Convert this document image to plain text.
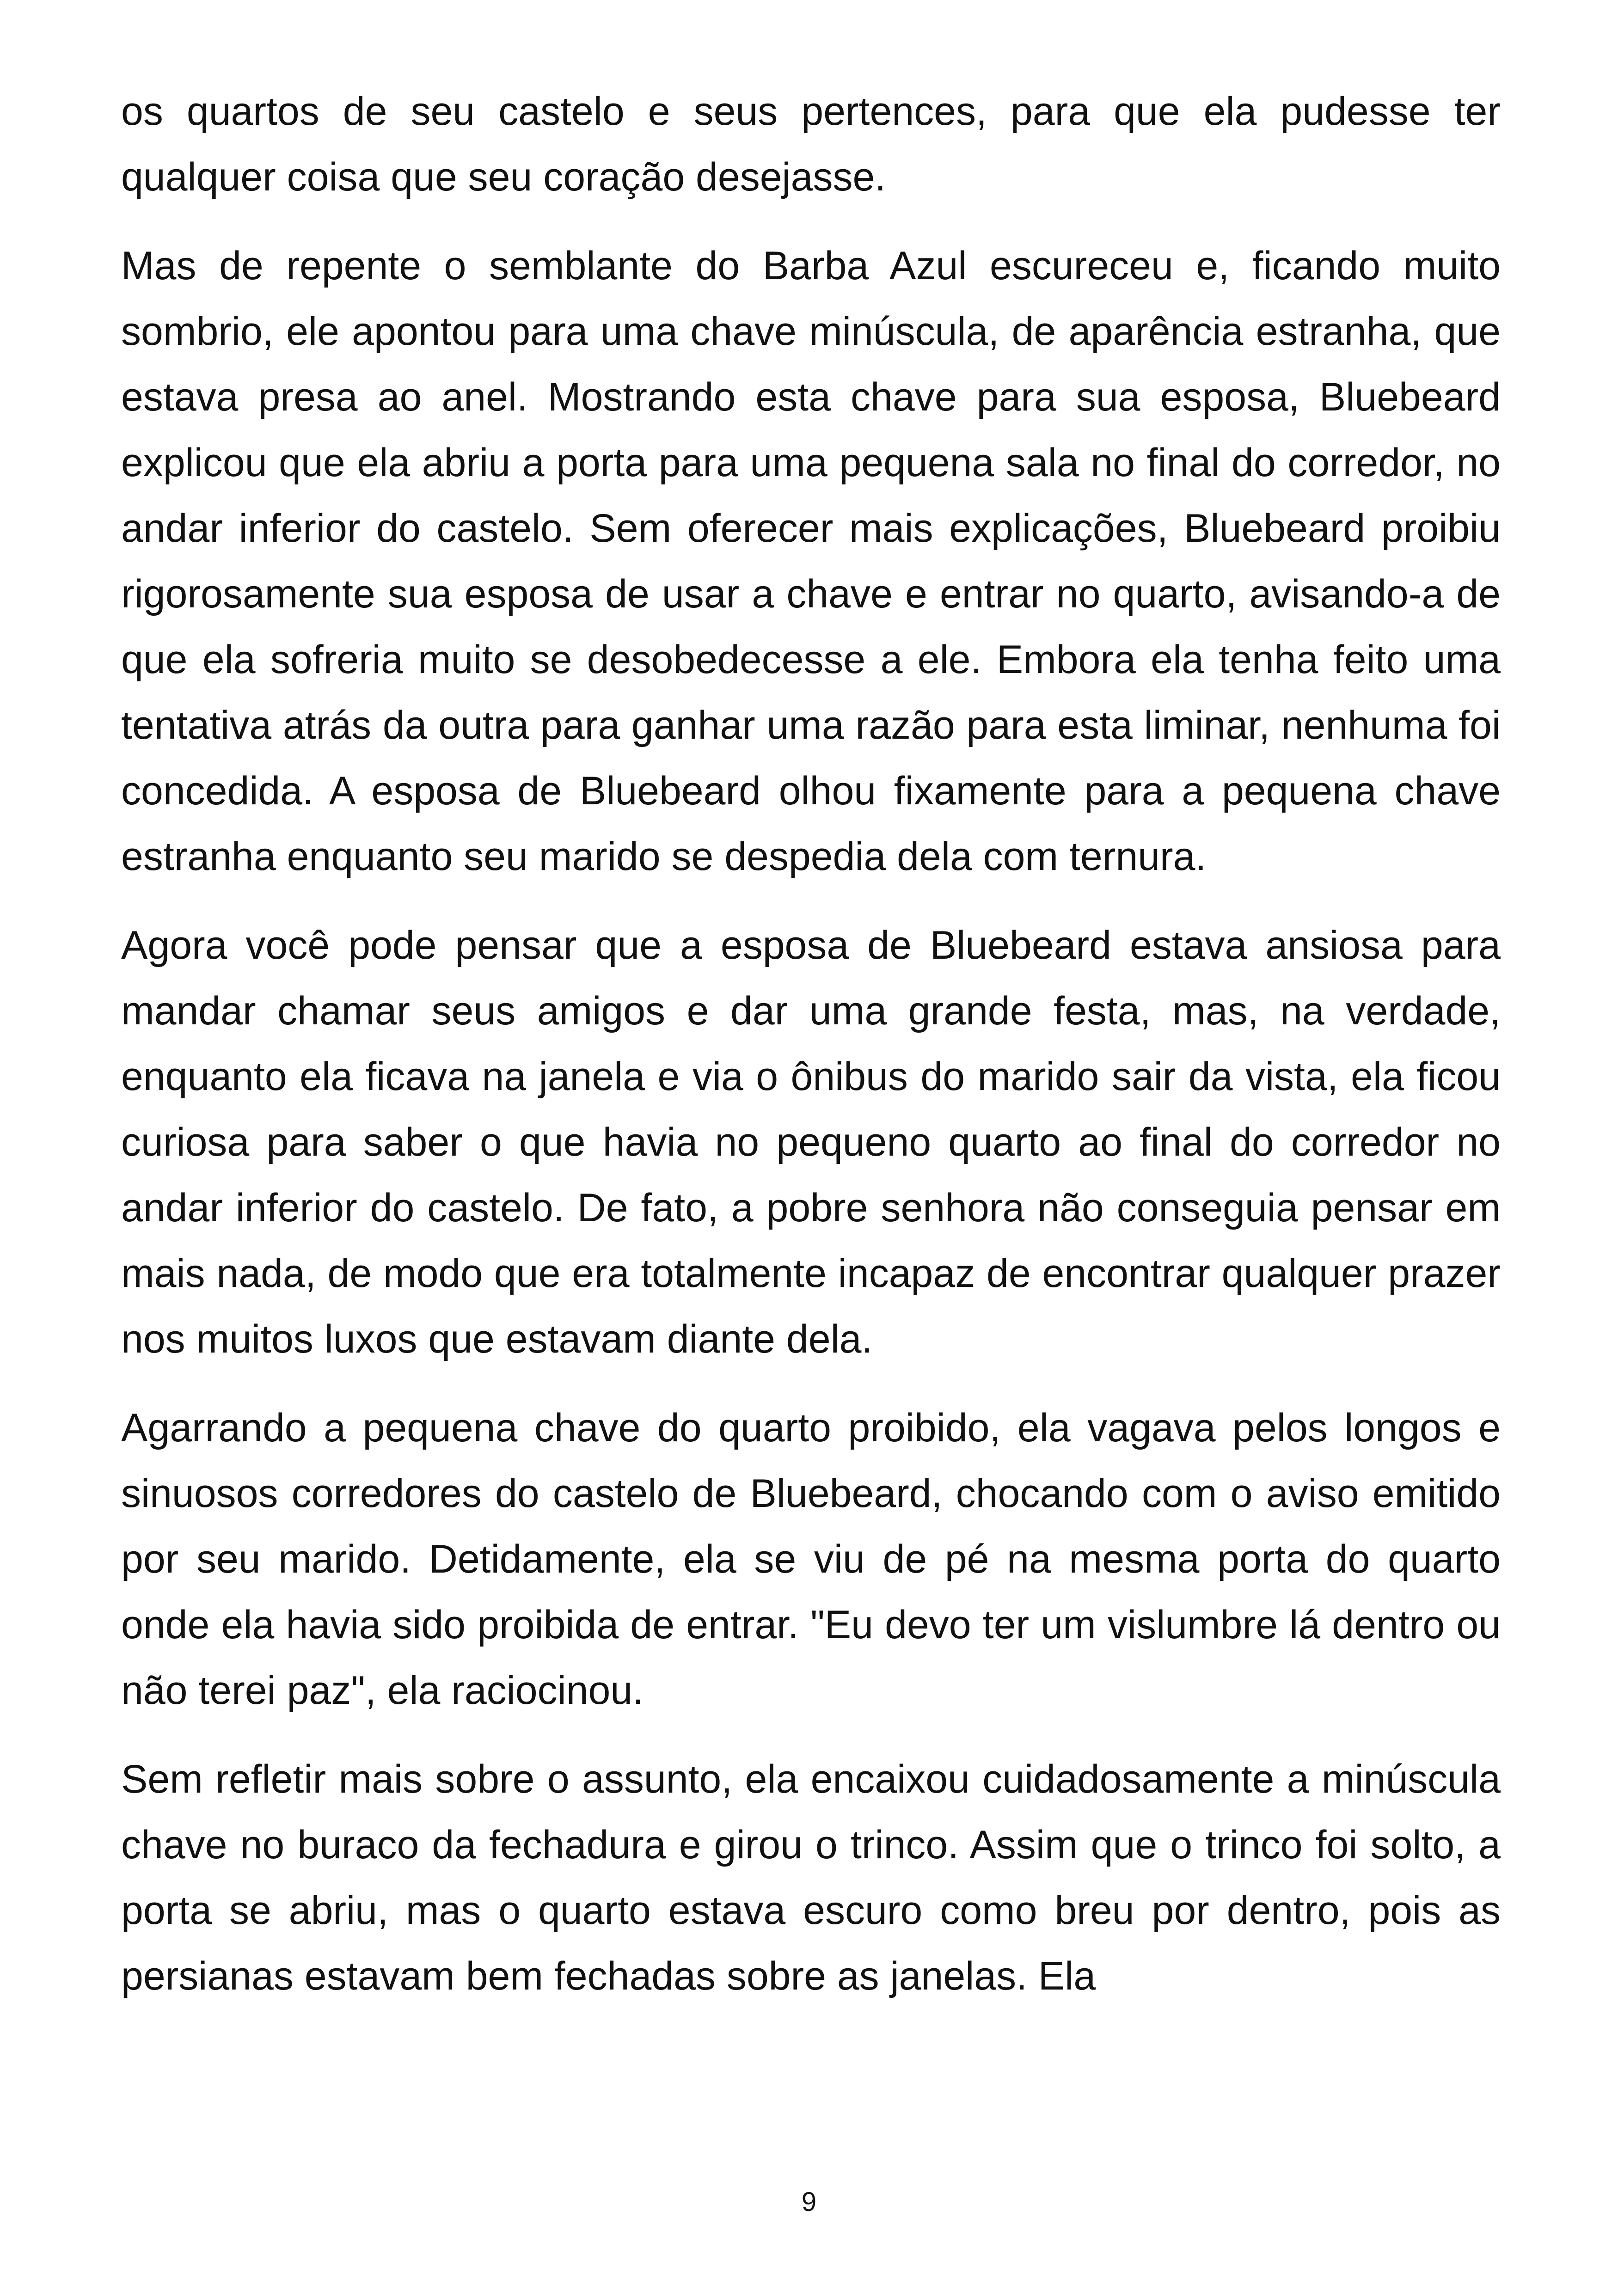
os quartos de seu castelo e seus pertences, para que ela pudesse ter qualquer coisa que seu coração desejasse.

Mas de repente o semblante do Barba Azul escureceu e, ficando muito sombrio, ele apontou para uma chave minúscula, de aparência estranha, que estava presa ao anel. Mostrando esta chave para sua esposa, Bluebeard explicou que ela abriu a porta para uma pequena sala no final do corredor, no andar inferior do castelo. Sem oferecer mais explicações, Bluebeard proibiu rigorosamente sua esposa de usar a chave e entrar no quarto, avisando-a de que ela sofreria muito se desobedecesse a ele. Embora ela tenha feito uma tentativa atrás da outra para ganhar uma razão para esta liminar, nenhuma foi concedida. A esposa de Bluebeard olhou fixamente para a pequena chave estranha enquanto seu marido se despedia dela com ternura.

Agora você pode pensar que a esposa de Bluebeard estava ansiosa para mandar chamar seus amigos e dar uma grande festa, mas, na verdade, enquanto ela ficava na janela e via o ônibus do marido sair da vista, ela ficou curiosa para saber o que havia no pequeno quarto ao final do corredor no andar inferior do castelo. De fato, a pobre senhora não conseguia pensar em mais nada, de modo que era totalmente incapaz de encontrar qualquer prazer nos muitos luxos que estavam diante dela.

Agarrando a pequena chave do quarto proibido, ela vagava pelos longos e sinuosos corredores do castelo de Bluebeard, chocando com o aviso emitido por seu marido. Detidamente, ela se viu de pé na mesma porta do quarto onde ela havia sido proibida de entrar. "Eu devo ter um vislumbre lá dentro ou não terei paz", ela raciocinou.

Sem refletir mais sobre o assunto, ela encaixou cuidadosamente a minúscula chave no buraco da fechadura e girou o trinco. Assim que o trinco foi solto, a porta se abriu, mas o quarto estava escuro como breu por dentro, pois as persianas estavam bem fechadas sobre as janelas. Ela

9
